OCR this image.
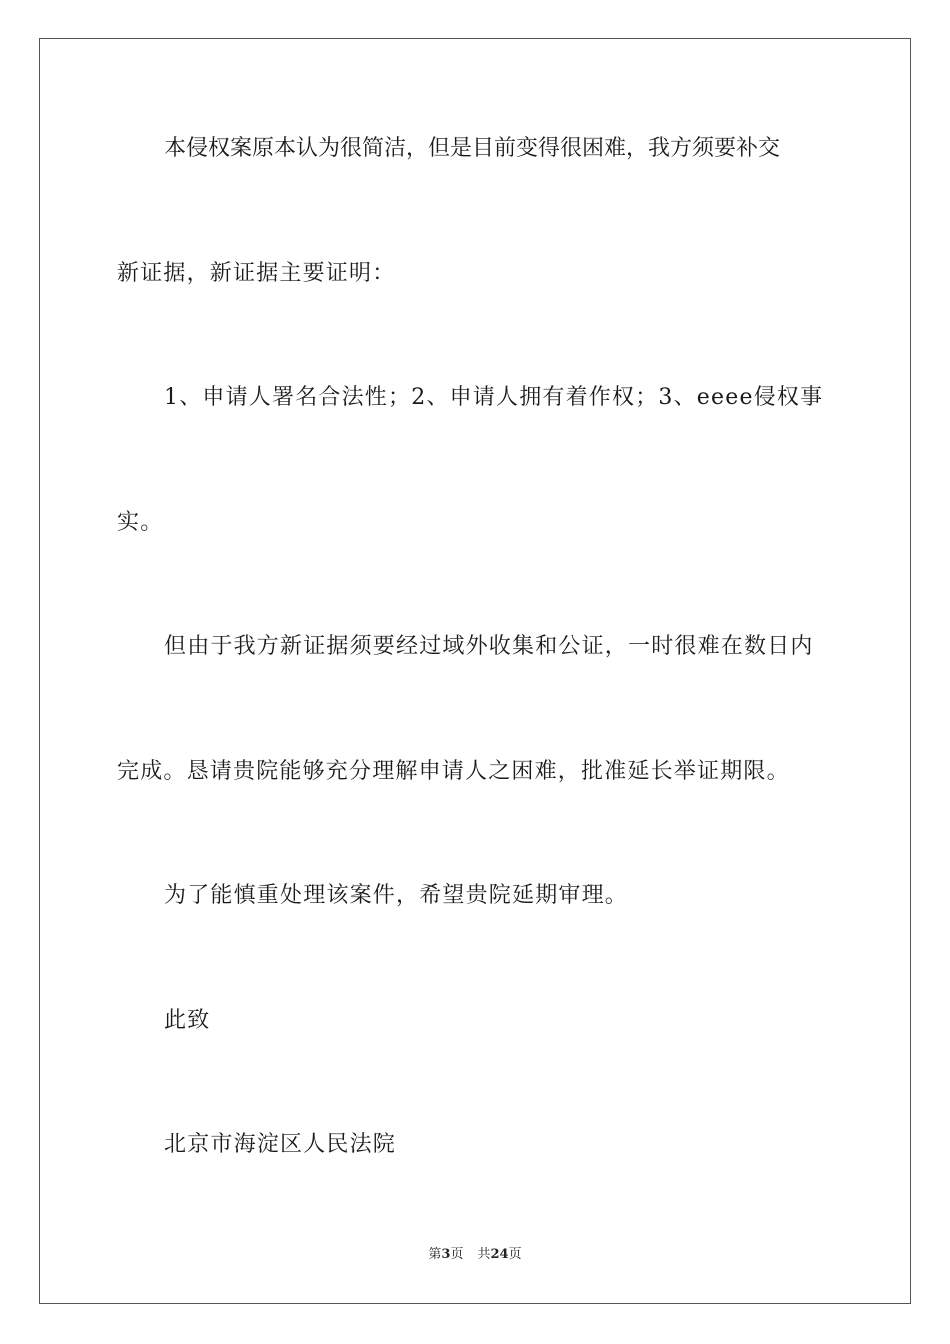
本侵权案原本认为很简洁，但是目前变得很困难，我方须要补交
新证据，新证据主要证明：
1、申请人署名合法性；2、申请人拥有着作权；3、eeee侵权事
实。
但由于我方新证据须要经过域外收集和公证，一时很难在数日内
完成。恳请贵院能够充分理解申请人之困难，批准延长举证期限。
为了能慎重处理该案件，希望贵院延期审理。
此致
北京市海淀区人民法院
第3页 共24页
